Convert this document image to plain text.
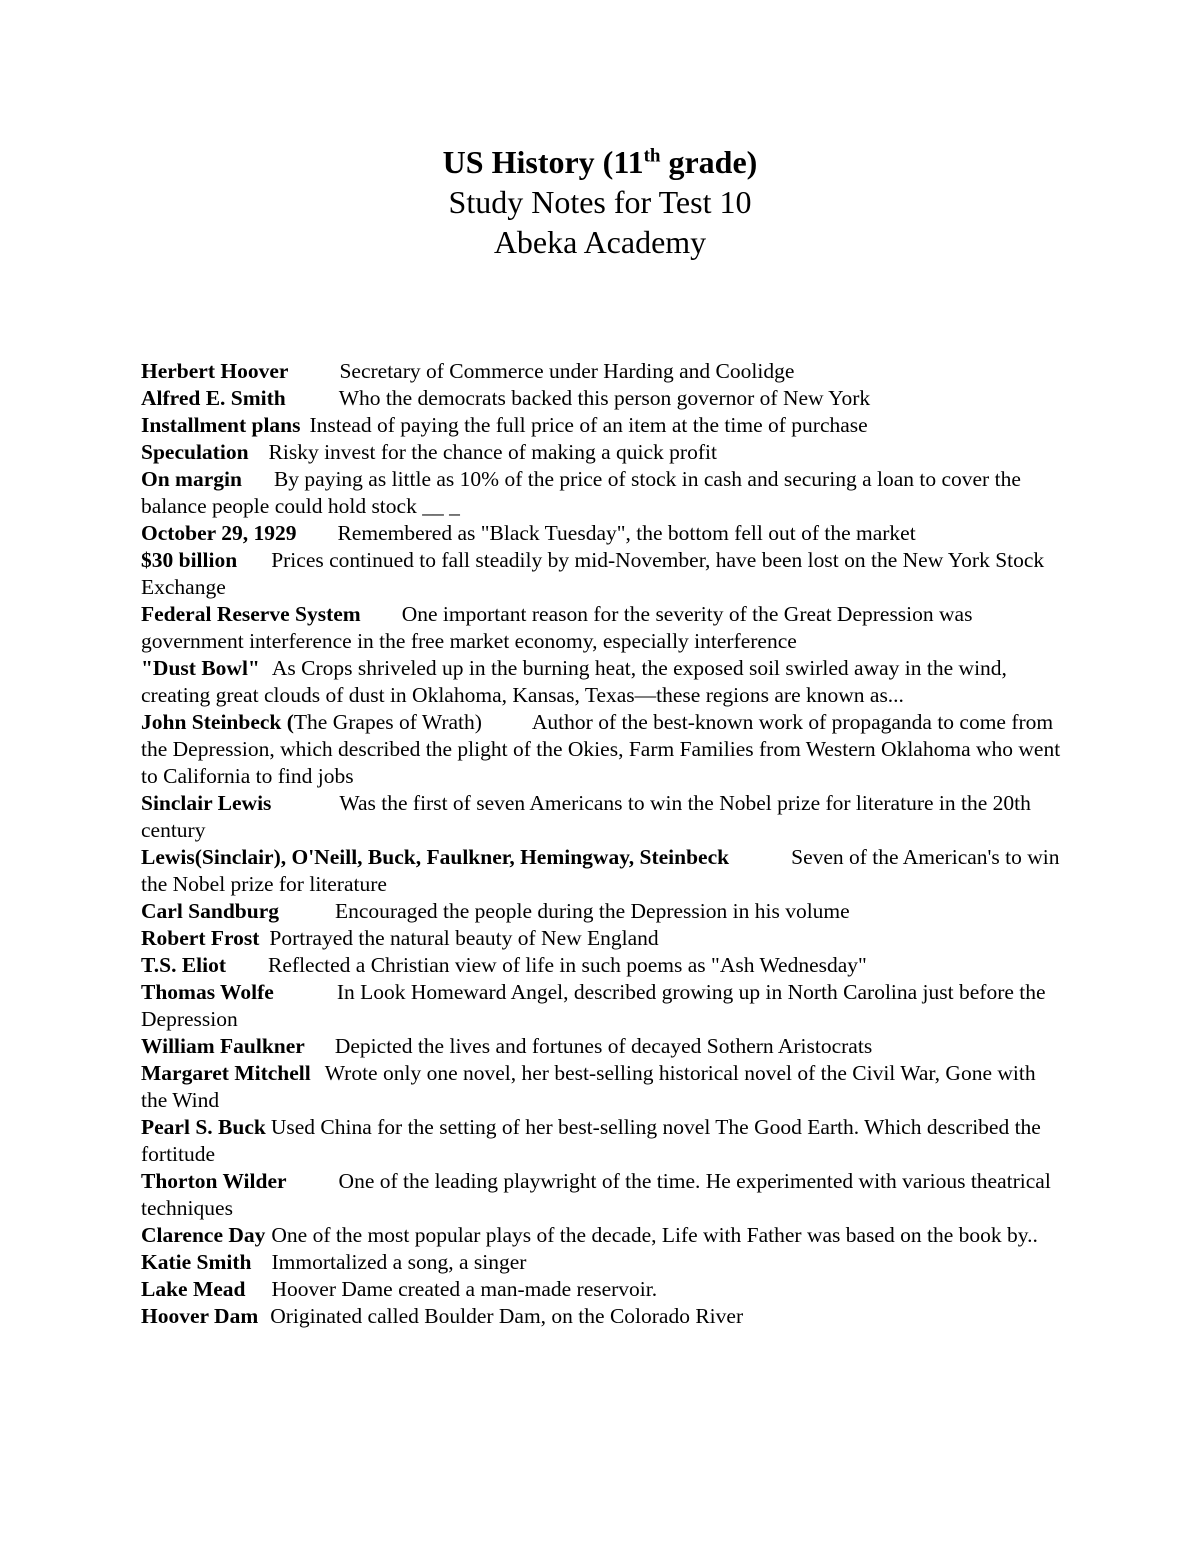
US History (11th grade)

Study Notes for Test 10

Abeka Academy

Herbert Hoover Secretary of Commerce under Harding and Coolidge

Alfred E. Smith Who the democrats backed this person governor of New York

Installment plans Instead of paying the full price of an item at the time of purchase

Speculation Risky invest for the chance of making a quick profit

On margin By paying as little as 10% of the price of stock in cash and securing a loan to cover the balance people could hold stock __ _

October 29, 1929 Remembered as "Black Tuesday", the bottom fell out of the market

$30 billion Prices continued to fall steadily by mid-November, have been lost on the New York Stock Exchange

Federal Reserve System One important reason for the severity of the Great Depression was government interference in the free market economy, especially interference

"Dust Bowl" As Crops shriveled up in the burning heat, the exposed soil swirled away in the wind, creating great clouds of dust in Oklahoma, Kansas, Texas—these regions are known as...

John Steinbeck (The Grapes of Wrath) Author of the best-known work of propaganda to come from the Depression, which described the plight of the Okies, Farm Families from Western Oklahoma who went to California to find jobs

Sinclair Lewis	Was the first of seven Americans to win the Nobel prize for literature in the 20th century

Lewis(Sinclair), O'Neill, Buck, Faulkner, Hemingway, Steinbeck	Seven of the American's to win the Nobel prize for literature

Carl Sandburg	Encouraged the people during the Depression in his volume

Robert Frost Portrayed the natural beauty of New England

T.S. Eliot Reflected a Christian view of life in such poems as "Ash Wednesday"

Thomas Wolfe	In Look Homeward Angel, described growing up in North Carolina just before the Depression

William Faulkner Depicted the lives and fortunes of decayed Sothern Aristocrats

Margaret Mitchell Wrote only one novel, her best-selling historical novel of the Civil War, Gone with the Wind

Pearl S. Buck Used China for the setting of her best-selling novel The Good Earth. Which described the fortitude

Thorton Wilder One of the leading playwright of the time. He experimented with various theatrical techniques

Clarence Day One of the most popular plays of the decade, Life with Father was based on the book by..

Katie Smith Immortalized a song, a singer

Lake Mead Hoover Dame created a man-made reservoir.

Hoover Dam Originated called Boulder Dam, on the Colorado River
